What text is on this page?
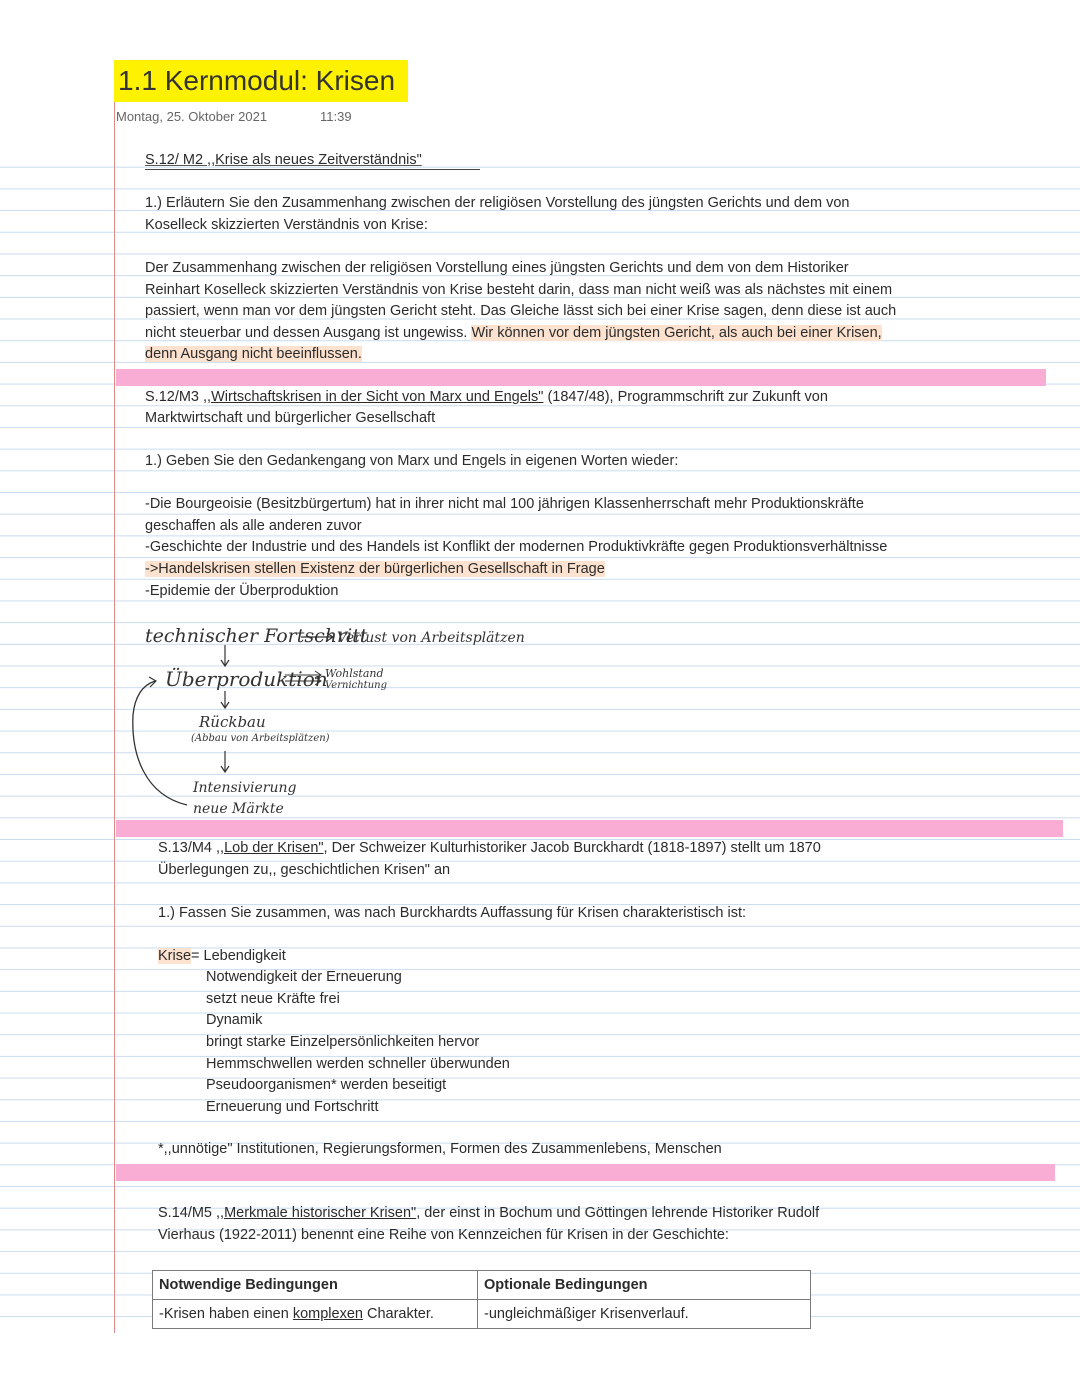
1.1 Kernmodul: Krisen
Montag, 25. Oktober 2021	11:39
S.12/ M2 ,,Krise als neues Zeitverständnis"
1.) Erläutern Sie den Zusammenhang zwischen der religiösen Vorstellung des jüngsten Gerichts und dem von
Koselleck skizzierten Verständnis von Krise:
Der Zusammenhang zwischen der religiösen Vorstellung eines jüngsten Gerichts und dem von dem Historiker
Reinhart Koselleck skizzierten Verständnis von Krise besteht darin, dass man nicht weiß was als nächstes mit einem
passiert, wenn man vor dem jüngsten Gericht steht. Das Gleiche lässt sich bei einer Krise sagen, denn diese ist auch
nicht steuerbar und dessen Ausgang ist ungewiss. Wir können vor dem jüngsten Gericht, als auch bei einer Krisen,
denn Ausgang nicht beeinflussen.
S.12/M3 ,,Wirtschaftskrisen in der Sicht von Marx und Engels" (1847/48), Programmschrift zur Zukunft von
Marktwirtschaft und bürgerlicher Gesellschaft
1.) Geben Sie den Gedankengang von Marx und Engels in eigenen Worten wieder:
-Die Bourgeoisie (Besitzbürgertum) hat in ihrer nicht mal 100 jährigen Klassenherrschaft mehr Produktionskräfte
geschaffen als alle anderen zuvor
-Geschichte der Industrie und des Handels ist Konflikt der modernen Produktivkräfte gegen Produktionsverhältnisse
->Handelskrisen stellen Existenz der bürgerlichen Gesellschaft in Frage
-Epidemie der Überproduktion
technischer Fortschritt
Verlust von Arbeitsplätzen
Überproduktion
Wohlstand
Vernichtung
Rückbau
(Abbau von Arbeitsplätzen)
Intensivierung
neue Märkte
S.13/M4 ,,Lob der Krisen", Der Schweizer Kulturhistoriker Jacob Burckhardt (1818-1897) stellt um 1870
Überlegungen zu,, geschichtlichen Krisen" an
1.) Fassen Sie zusammen, was nach Burckhardts Auffassung für Krisen charakteristisch ist:
Krise= Lebendigkeit
Notwendigkeit der Erneuerung
setzt neue Kräfte frei
Dynamik
bringt starke Einzelpersönlichkeiten hervor
Hemmschwellen werden schneller überwunden
Pseudoorganismen* werden beseitigt
Erneuerung und Fortschritt
*,,unnötige" Institutionen, Regierungsformen, Formen des Zusammenlebens, Menschen
S.14/M5 ,,Merkmale historischer Krisen", der einst in Bochum und Göttingen lehrende Historiker Rudolf
Vierhaus (1922-2011) benennt eine Reihe von Kennzeichen für Krisen in der Geschichte:
Notwendige Bedingungen	Optionale Bedingungen
-Krisen haben einen komplexen Charakter.	-ungleichmäßiger Krisenverlauf.
